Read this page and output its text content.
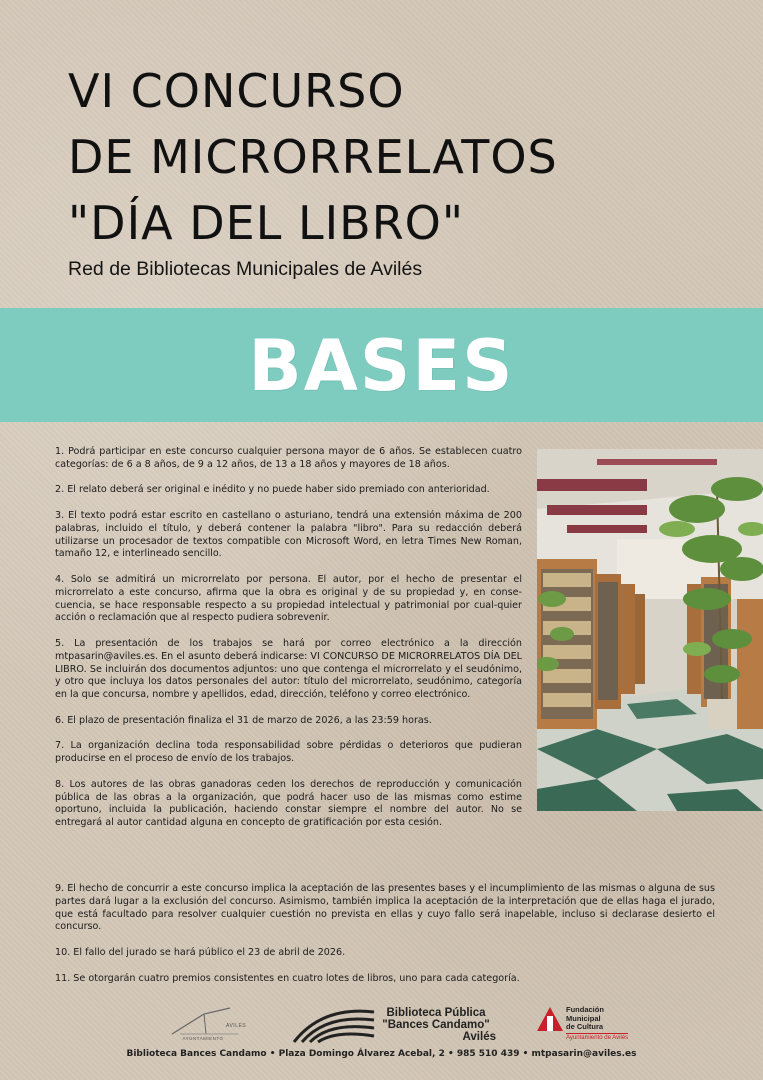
VI CONCURSO
DE MICRORRELATOS
"DÍA DEL LIBRO"
Red de Bibliotecas Municipales de Avilés
BASES

1. Podrá participar en este concurso cualquier persona mayor de 6 años. Se establecen cuatro categorías: de 6 a 8 años, de 9 a 12 años, de 13 a 18 años y mayores de 18 años.

2. El relato deberá ser original e inédito y no puede haber sido premiado con anterioridad.

3. El texto podrá estar escrito en castellano o asturiano, tendrá una extensión máxima de 200 palabras, incluido el título, y deberá contener la palabra "libro". Para su redacción deberá utilizarse un procesador de textos compatible con Microsoft Word, en letra Times New Roman, tamaño 12, e interlineado sencillo.

4. Solo se admitirá un microrrelato por persona. El autor, por el hecho de presentar el microrrelato a este concurso, afirma que la obra es original y de su propiedad y, en conse-cuencia, se hace responsable respecto a su propiedad intelectual y patrimonial por cual-quier acción o reclamación que al respecto pudiera sobrevenir.

5. La presentación de los trabajos se hará por correo electrónico a la dirección mtpasarin@aviles.es. En el asunto deberá indicarse: VI CONCURSO DE MICRORRELATOS DÍA DEL LIBRO. Se incluirán dos documentos adjuntos: uno que contenga el microrrelato y el seudónimo, y otro que incluya los datos personales del autor: título del microrrelato, seudónimo, categoría en la que concursa, nombre y apellidos, edad, dirección, teléfono y correo electrónico.

6. El plazo de presentación finaliza el 31 de marzo de 2026, a las 23:59 horas.

7. La organización declina toda responsabilidad sobre pérdidas o deterioros que pudieran producirse en el proceso de envío de los trabajos.

8. Los autores de las obras ganadoras ceden los derechos de reproducción y comunicación pública de las obras a la organización, que podrá hacer uso de las mismas como estime oportuno, incluida la publicación, haciendo constar siempre el nombre del autor. No se entregará al autor cantidad alguna en concepto de gratificación por esta cesión.

9. El hecho de concurrir a este concurso implica la aceptación de las presentes bases y el incumplimiento de las mismas o alguna de sus partes dará lugar a la exclusión del concurso. Asimismo, también implica la aceptación de la interpretación que de ellas haga el jurado, que está facultado para resolver cualquier cuestión no prevista en ellas y cuyo fallo será inapelable, incluso si declarase desierto el concurso.

10. El fallo del jurado se hará público el 23 de abril de 2026.

11. Se otorgarán cuatro premios consistentes en cuatro lotes de libros, uno para cada categoría.

AVILÉS
AYUNTAMIENTO
Biblioteca Pública
"Bances Candamo"
Avilés
Fundación
Municipal
de Cultura
Ayuntamiento de Avilés
Biblioteca Bances Candamo • Plaza Domingo Álvarez Acebal, 2 • 985 510 439 • mtpasarin@aviles.es
